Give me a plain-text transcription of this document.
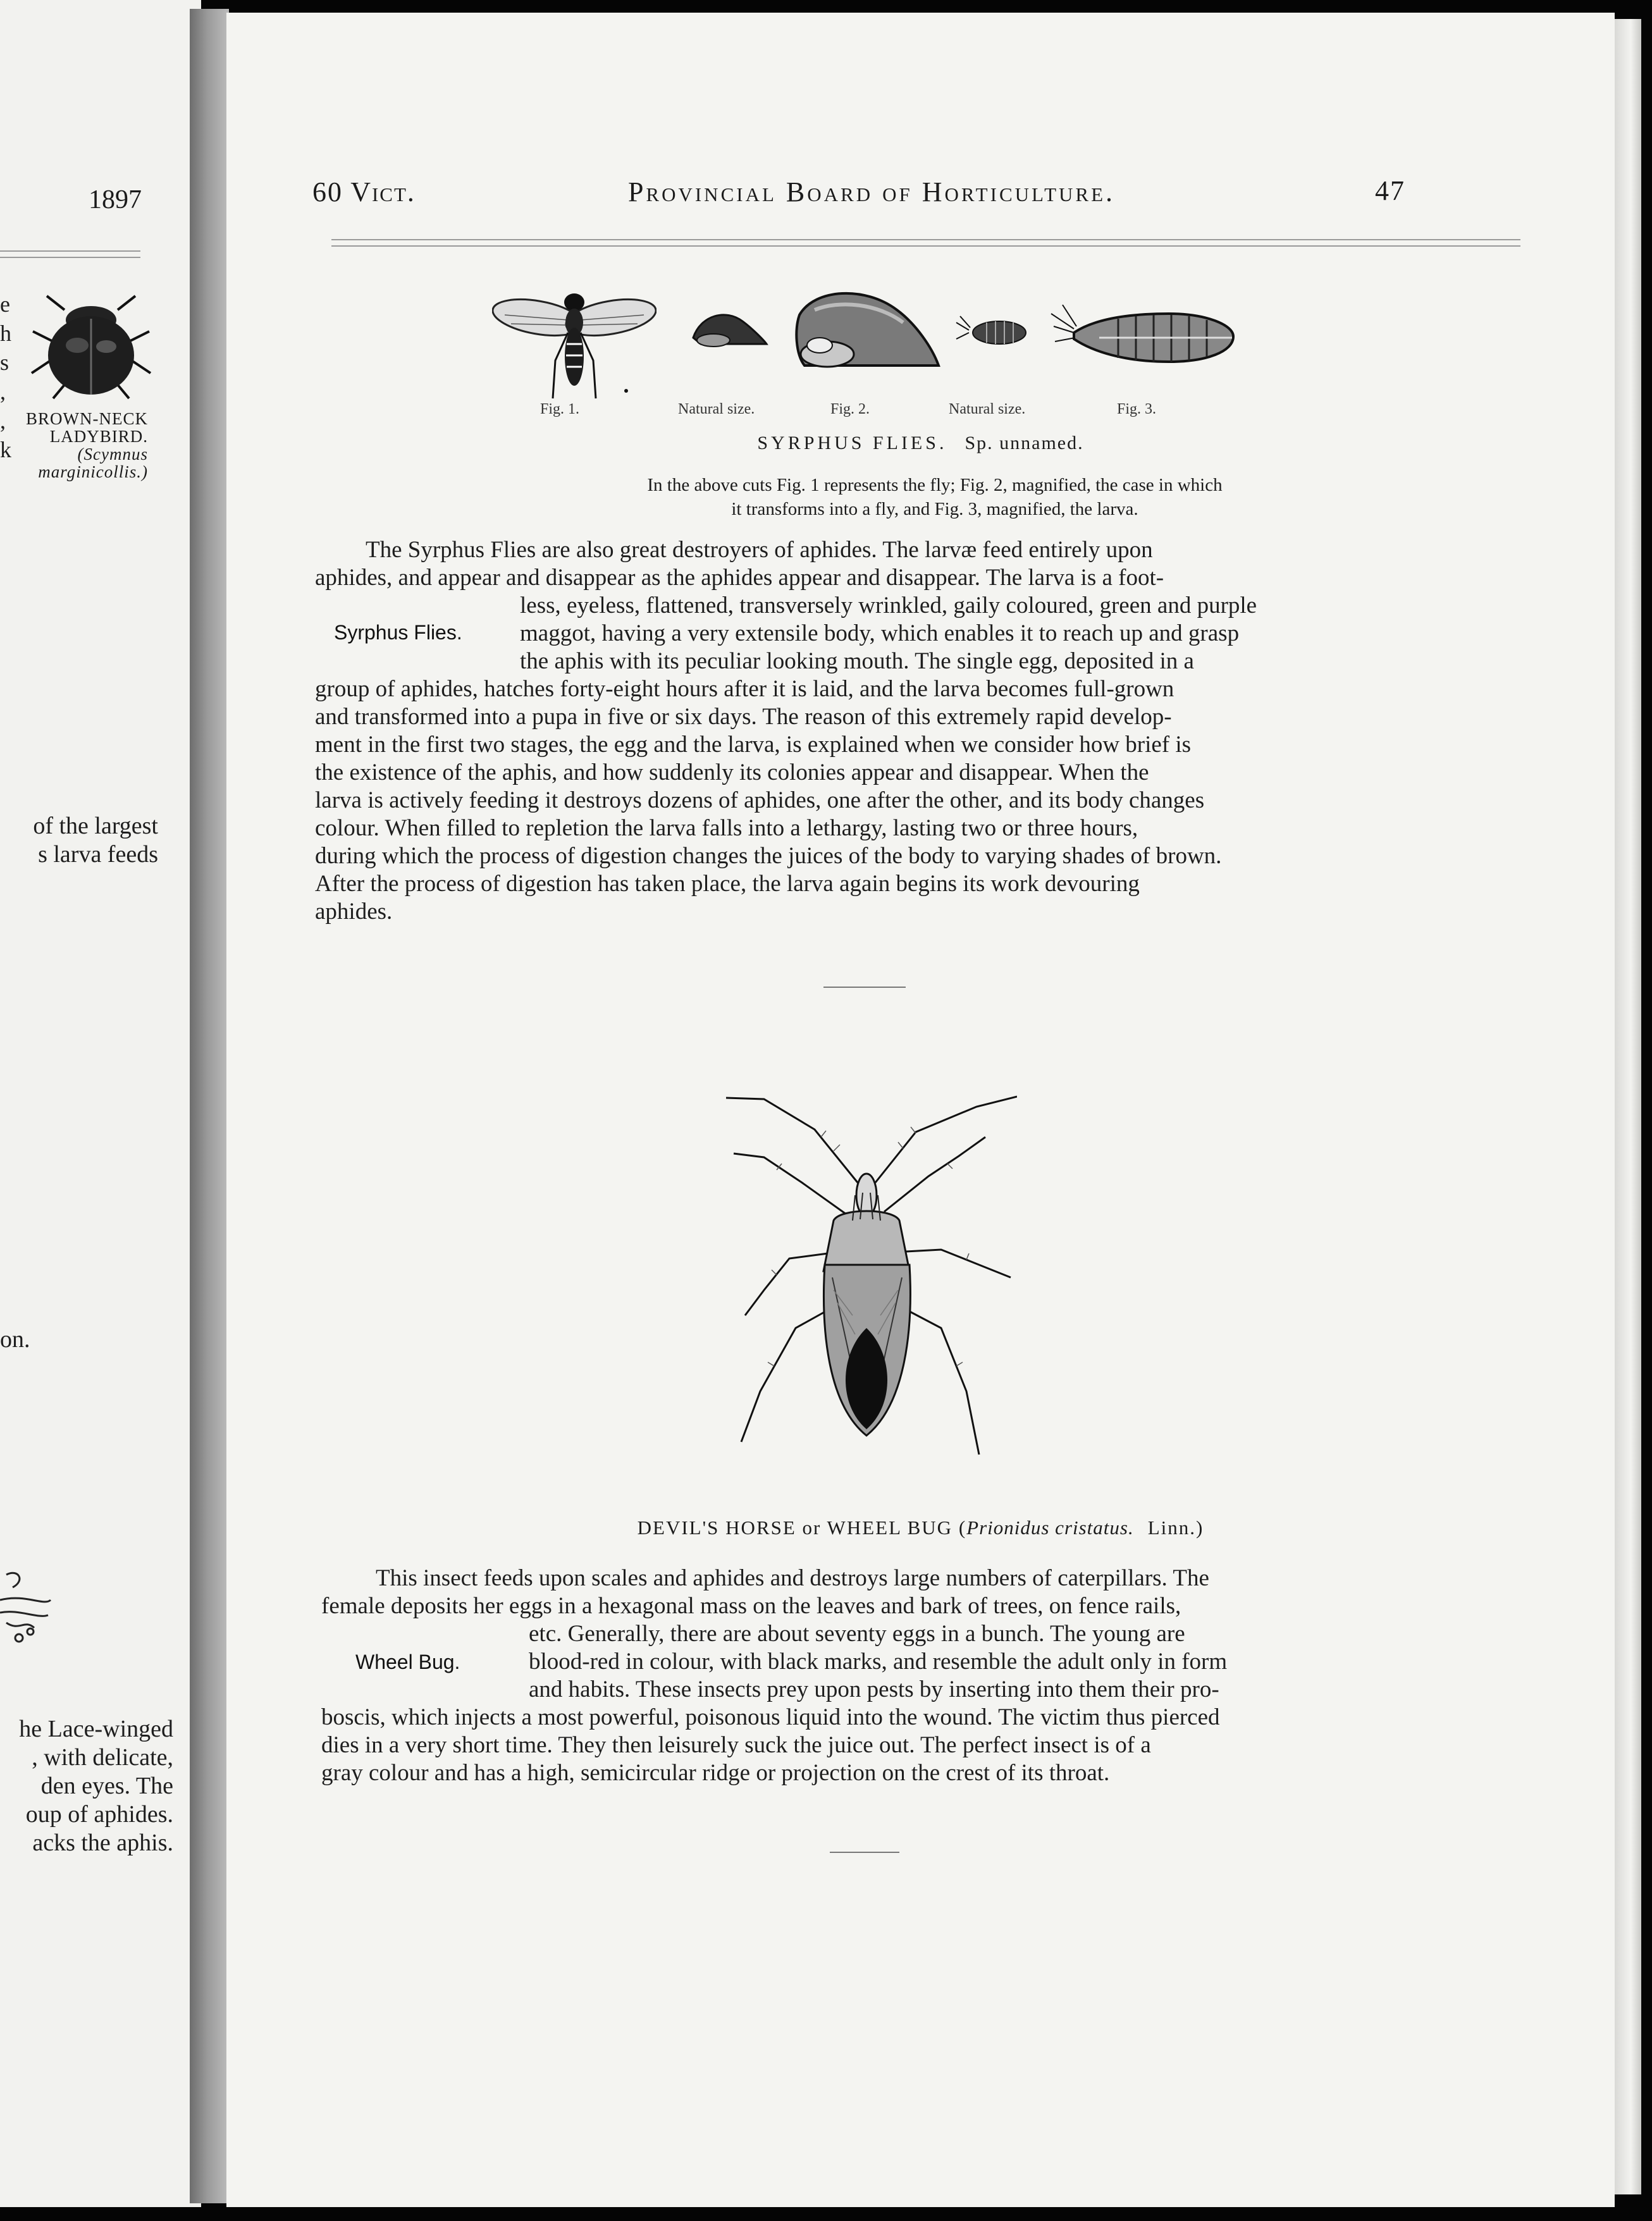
1897
e
h
s
,
,
k
BROWN-NECK
LADYBIRD.
(Scymnus
marginicollis.)
of the largest
s larva feeds
on.
he Lace-winged
, with delicate,
den eyes. The
oup of aphides.
acks the aphis.
60 Vict.	Provincial Board of Horticulture.	47
Fig. 1.	Natural size.	Fig. 2.	Natural size.	Fig. 3.
SYRPHUS FLIES. Sp. unnamed.
In the above cuts Fig. 1 represents the fly; Fig. 2, magnified, the case in which
it transforms into a fly, and Fig. 3, magnified, the larva.
The Syrphus Flies are also great destroyers of aphides. The larvæ feed entirely upon
aphides, and appear and disappear as the aphides appear and disappear. The larva is a foot-
less, eyeless, flattened, transversely wrinkled, gaily coloured, green and purple
maggot, having a very extensile body, which enables it to reach up and grasp
the aphis with its peculiar looking mouth. The single egg, deposited in a
group of aphides, hatches forty-eight hours after it is laid, and the larva becomes full-grown
and transformed into a pupa in five or six days. The reason of this extremely rapid develop-
ment in the first two stages, the egg and the larva, is explained when we consider how brief is
the existence of the aphis, and how suddenly its colonies appear and disappear. When the
larva is actively feeding it destroys dozens of aphides, one after the other, and its body changes
colour. When filled to repletion the larva falls into a lethargy, lasting two or three hours,
during which the process of digestion changes the juices of the body to varying shades of brown.
After the process of digestion has taken place, the larva again begins its work devouring
aphides.
Syrphus Flies.
DEVIL'S HORSE or WHEEL BUG (Prionidus cristatus. Linn.)
This insect feeds upon scales and aphides and destroys large numbers of caterpillars. The
female deposits her eggs in a hexagonal mass on the leaves and bark of trees, on fence rails,
etc. Generally, there are about seventy eggs in a bunch. The young are
blood-red in colour, with black marks, and resemble the adult only in form
and habits. These insects prey upon pests by inserting into them their pro-
boscis, which injects a most powerful, poisonous liquid into the wound. The victim thus pierced
dies in a very short time. They then leisurely suck the juice out. The perfect insect is of a
gray colour and has a high, semicircular ridge or projection on the crest of its throat.
Wheel Bug.
